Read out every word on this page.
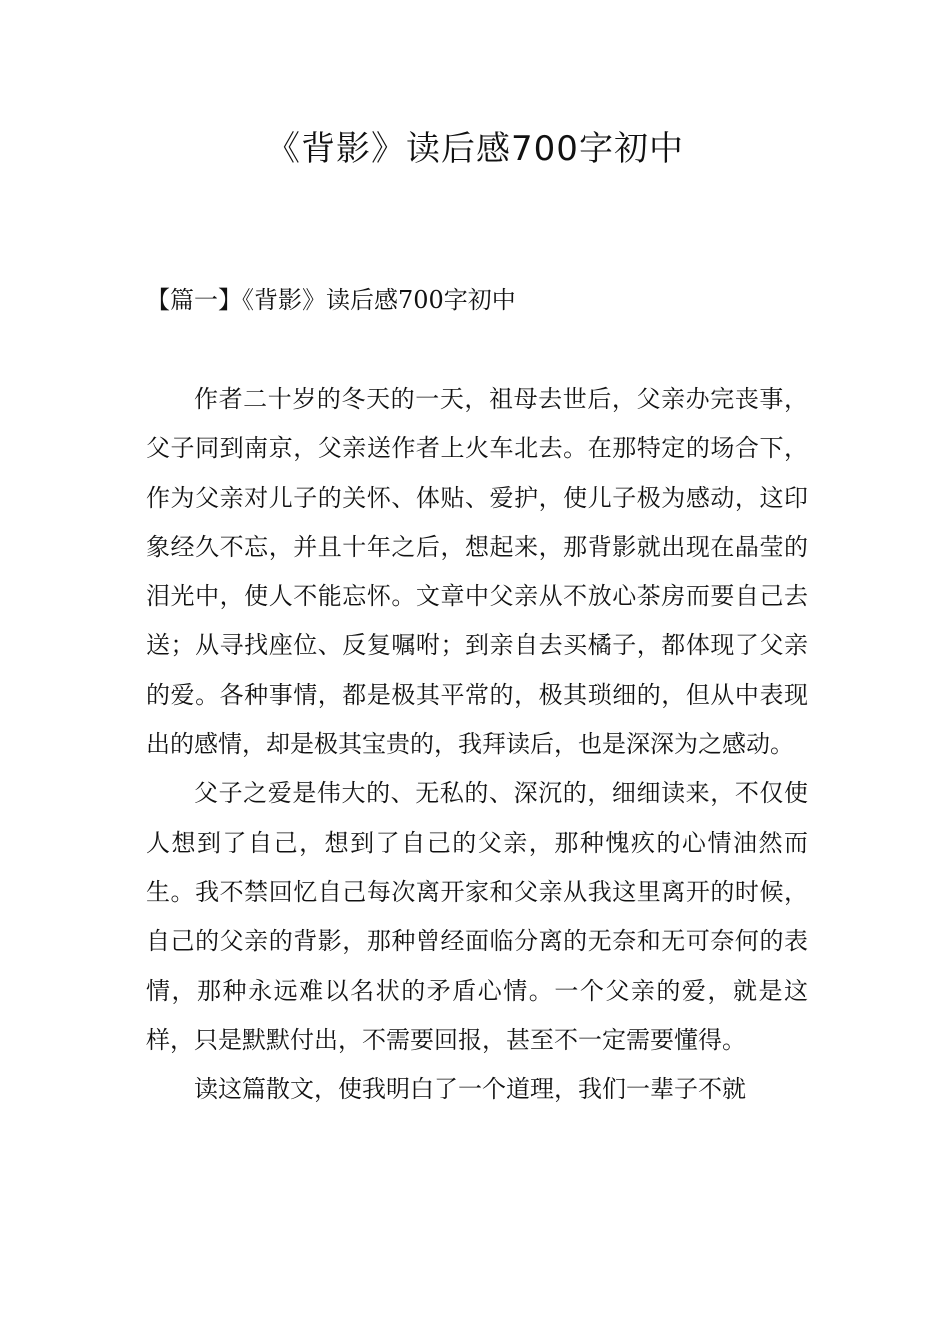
《背影》读后感700字初中
【篇一】《背影》读后感700字初中

作者二十岁的冬天的一天，祖母去世后，父亲办完丧事，父子同到南京，父亲送作者上火车北去。在那特定的场合下，作为父亲对儿子的关怀、体贴、爱护，使儿子极为感动，这印象经久不忘，并且十年之后，想起来，那背影就出现在晶莹的泪光中，使人不能忘怀。文章中父亲从不放心茶房而要自己去送；从寻找座位、反复嘱咐；到亲自去买橘子，都体现了父亲的爱。各种事情，都是极其平常的，极其琐细的，但从中表现出的感情，却是极其宝贵的，我拜读后，也是深深为之感动。

父子之爱是伟大的、无私的、深沉的，细细读来，不仅使人想到了自己，想到了自己的父亲，那种愧疚的心情油然而生。我不禁回忆自己每次离开家和父亲从我这里离开的时候，自己的父亲的背影，那种曾经面临分离的无奈和无可奈何的表情，那种永远难以名状的矛盾心情。一个父亲的爱，就是这样，只是默默付出，不需要回报，甚至不一定需要懂得。

读这篇散文，使我明白了一个道理，我们一辈子不就
